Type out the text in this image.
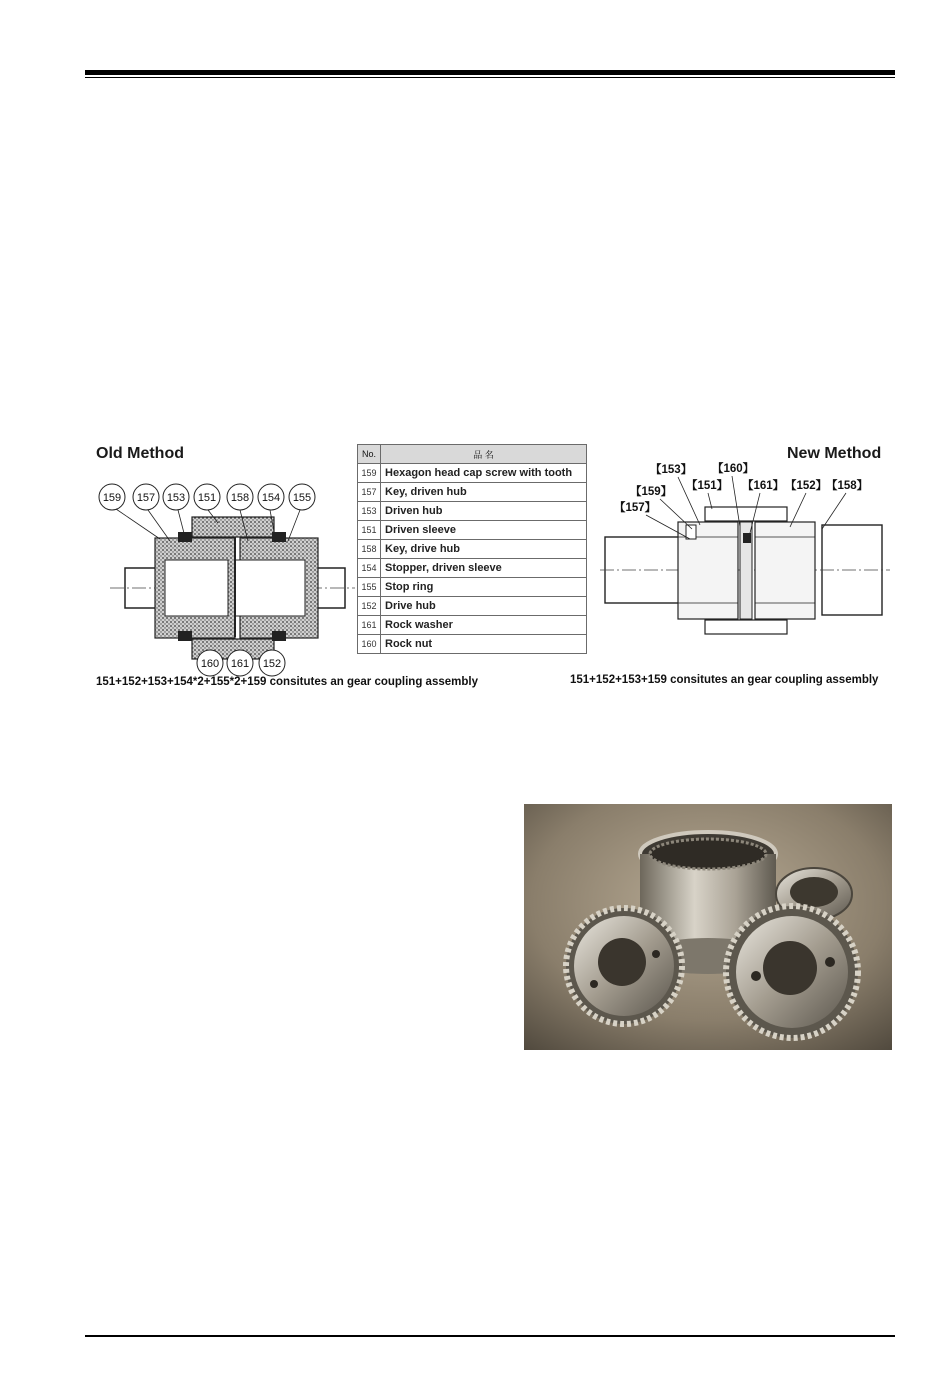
Old Method	New Method
159 157 153 151 158 154 155
160 161 152
No.	品 名
159	Hexagon head cap screw with tooth
157	Key, driven hub
153	Driven hub
151	Driven sleeve
158	Key, drive hub
154	Stopper, driven sleeve
155	Stop ring
152	Drive hub
161	Rock washer
160	Rock nut
【153】 【160】
【159】 【151】 【161】 【152】
【158】
【157】
151+152+153+154*2+155*2+159 consitutes an gear coupling assembly	151+152+153+159 consitutes an gear coupling assembly
